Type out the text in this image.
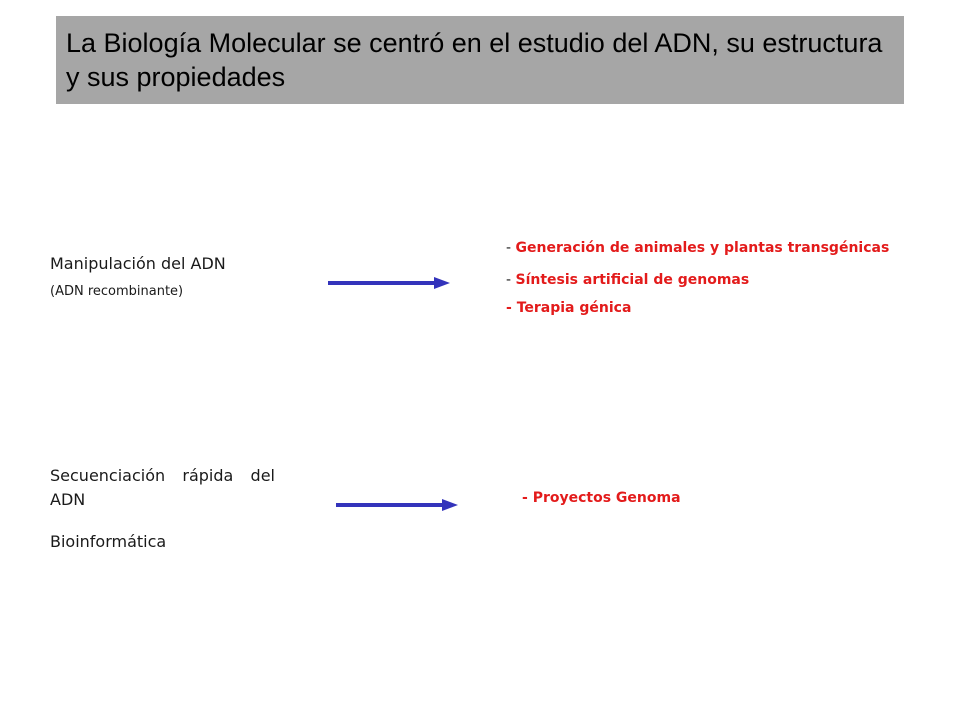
La Biología Molecular se centró en el estudio del ADN, su estructura y sus propiedades

Manipulación del ADN

(ADN recombinante)

- Generación de animales y plantas transgénicas

- Síntesis artificial de genomas

- Terapia génica

Secuenciación rápida del ADN

Bioinformática

- Proyectos Genoma
